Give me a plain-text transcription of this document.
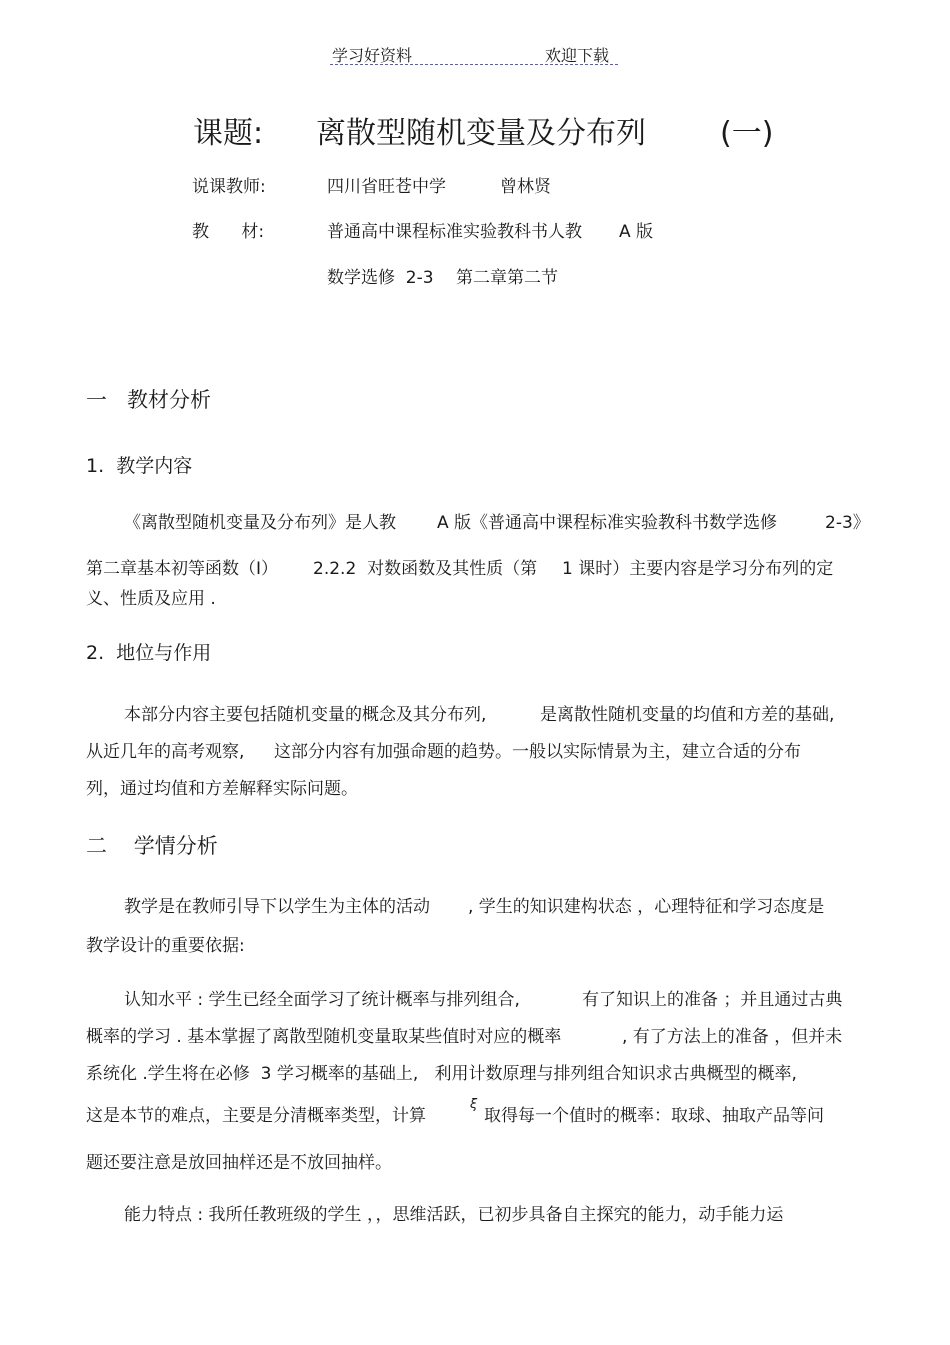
学习好资料	欢迎下载
课题: 离散型随机变量及分布列 (一)
说课教师:	四川省旺苍中学	曾林贤
教      材:	普通高中课程标准实验教科书人教 A 版
数学选修  2-3 第二章第二节
一   教材分析
1.  教学内容
《离散型随机变量及分布列》是人教 A 版《普通高中课程标准实验教科书数学选修	2-3》
第二章基本初等函数（Ⅰ） 2.2.2  对数函数及其性质（第 1 课时）主要内容是学习分布列的定
义、性质及应用 .
2.  地位与作用
本部分内容主要包括随机变量的概念及其分布列,	是离散性随机变量的均值和方差的基础,
从近几年的高考观察, 这部分内容有加强命题的趋势。一般以实际情景为主，建立合适的分布
列，通过均值和方差解释实际问题。
二    学情分析
教学是在教师引导下以学生为主体的活动 , 学生的知识建构状态 ，心理特征和学习态度是
教学设计的重要依据:
认知水平 : 学生已经全面学习了统计概率与排列组合,	有了知识上的准备 ；并且通过古典
概率的学习 . 基本掌握了离散型随机变量取某些值时对应的概率	, 有了方法上的准备 ，但并未
系统化 .学生将在必修  3 学习概率的基础上,   利用计数原理与排列组合知识求古典概型的概率,
这是本节的难点，主要是分清概率类型，计算
ξ
取得每一个值时的概率：取球、抽取产品等问
题还要注意是放回抽样还是不放回抽样。
能力特点 : 我所任教班级的学生 ，，思维活跃，已初步具备自主探究的能力，动手能力运
